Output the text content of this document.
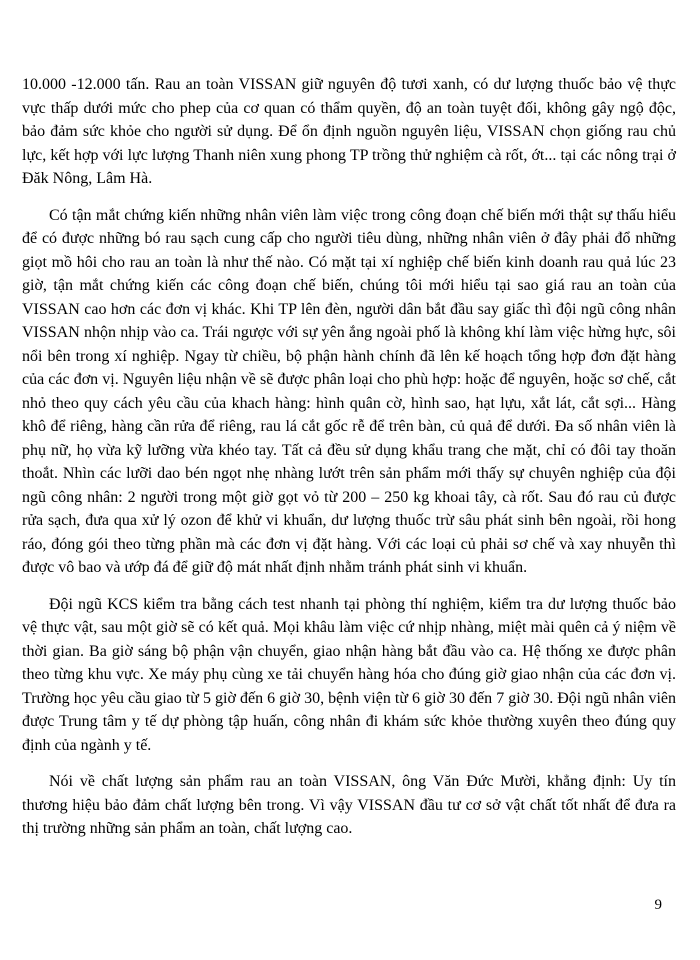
10.000 -12.000 tấn. Rau an toàn VISSAN giữ nguyên độ tươi xanh, có dư lượng thuốc bảo vệ thực vực thấp dưới mức cho phep của cơ quan có thẩm quyền, độ an toàn tuyệt đối, không gây ngộ độc, bảo đảm sức khỏe cho người sử dụng. Để ổn định nguồn nguyên liệu, VISSAN chọn giống rau chủ lực, kết hợp với lực lượng Thanh niên xung phong TP trồng thử nghiệm cà rốt, ớt... tại các nông trại ở Đăk Nông, Lâm Hà.

Có tận mắt chứng kiến những nhân viên làm việc trong công đoạn chế biến mới thật sự thấu hiểu để có được những bó rau sạch cung cấp cho người tiêu dùng, những nhân viên ở đây phải đổ những giọt mồ hôi cho rau an toàn là như thế nào. Có mặt tại xí nghiệp chế biến kinh doanh rau quả lúc 23 giờ, tận mắt chứng kiến các công đoạn chế biến, chúng tôi mới hiểu tại sao giá rau an toàn của VISSAN cao hơn các đơn vị khác. Khi TP lên đèn, người dân bắt đầu say giấc thì đội ngũ công nhân VISSAN nhộn nhịp vào ca. Trái ngược với sự yên ắng ngoài phố là không khí làm việc hừng hực, sôi nổi bên trong xí nghiệp. Ngay từ chiều, bộ phận hành chính đã lên kế hoạch tổng hợp đơn đặt hàng của các đơn vị. Nguyên liệu nhận về sẽ được phân loại cho phù hợp: hoặc để nguyên, hoặc sơ chế, cắt nhỏ theo quy cách yêu cầu của khach hàng: hình quân cờ, hình sao, hạt lựu, xắt lát, cắt sợi... Hàng khô để riêng, hàng cần rửa để riêng, rau lá cắt gốc rễ để trên bàn, củ quả để dưới. Đa số nhân viên là phụ nữ, họ vừa kỹ lưỡng vừa khéo tay. Tất cả đều sử dụng khẩu trang che mặt, chỉ có đôi tay thoăn thoắt. Nhìn các lưỡi dao bén ngọt nhẹ nhàng lướt trên sản phẩm mới thấy sự chuyên nghiệp của đội ngũ công nhân: 2 người trong một giờ gọt vỏ từ 200 – 250 kg khoai tây, cà rốt. Sau đó rau củ được rửa sạch, đưa qua xử lý ozon để khử vi khuẩn, dư lượng thuốc trừ sâu phát sinh bên ngoài, rồi hong ráo, đóng gói theo từng phần mà các đơn vị đặt hàng. Với các loại củ phải sơ chế và xay nhuyễn thì được vô bao và ướp đá để giữ độ mát nhất định nhằm tránh phát sinh vi khuẩn.

Đội ngũ KCS kiểm tra bằng cách test nhanh tại phòng thí nghiệm, kiểm tra dư lượng thuốc bảo vệ thực vật, sau một giờ sẽ có kết quả. Mọi khâu làm việc cứ nhịp nhàng, miệt mài quên cả ý niệm về thời gian. Ba giờ sáng bộ phận vận chuyển, giao nhận hàng bắt đầu vào ca. Hệ thống xe được phân theo từng khu vực. Xe máy phụ cùng xe tải chuyển hàng hóa cho đúng giờ giao nhận của các đơn vị. Trường học yêu cầu giao từ 5 giờ đến 6 giờ 30, bệnh viện từ 6 giờ 30 đến 7 giờ 30. Đội ngũ nhân viên được Trung tâm y tế dự phòng tập huấn, công nhân đi khám sức khỏe thường xuyên theo đúng quy định của ngành y tế.

Nói về chất lượng sản phẩm rau an toàn VISSAN, ông Văn Đức Mười, khẳng định: Uy tín thương hiệu bảo đảm chất lượng bên trong. Vì vậy VISSAN đầu tư cơ sở vật chất tốt nhất để đưa ra thị trường những sản phẩm an toàn, chất lượng cao.

9
